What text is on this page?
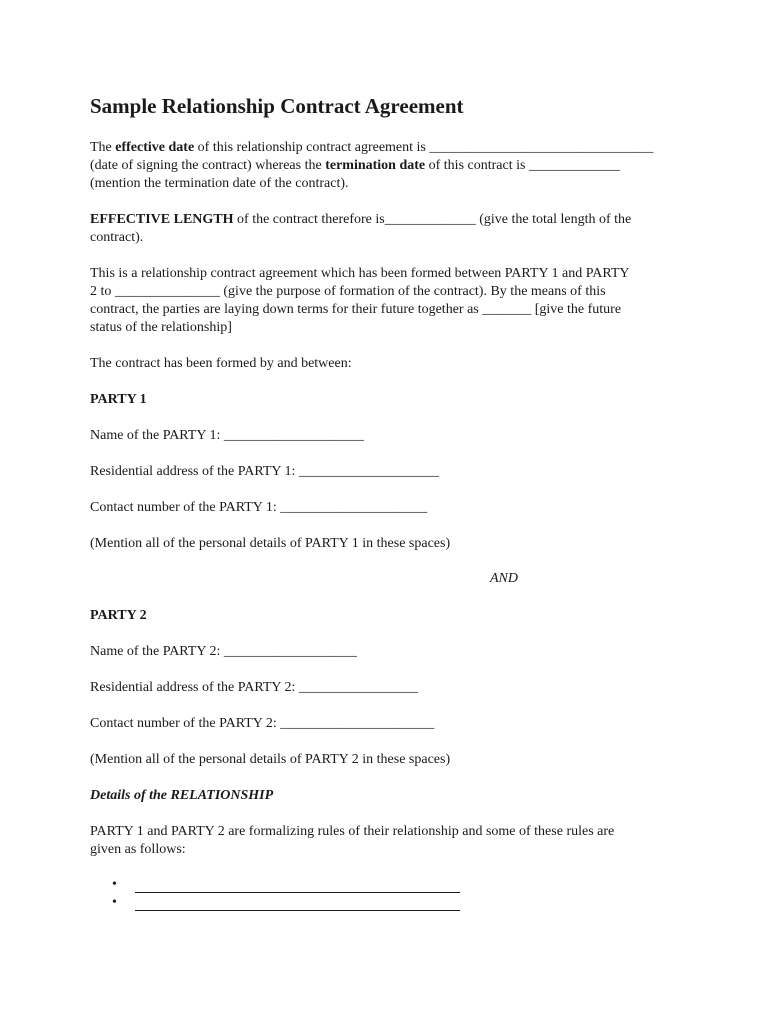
Sample Relationship Contract Agreement
The effective date of this relationship contract agreement is ________________________________
(date of signing the contract) whereas the termination date of this contract is _____________
(mention the termination date of the contract).
EFFECTIVE LENGTH of the contract therefore is_____________ (give the total length of the
contract).
This is a relationship contract agreement which has been formed between PARTY 1 and PARTY
2 to _______________ (give the purpose of formation of the contract). By the means of this
contract, the parties are laying down terms for their future together as _______ [give the future
status of the relationship]
The contract has been formed by and between:
PARTY 1
Name of the PARTY 1: ____________________
Residential address of the PARTY 1: ____________________
Contact number of the PARTY 1: _____________________
(Mention all of the personal details of PARTY 1 in these spaces)
AND
PARTY 2
Name of the PARTY 2: ___________________
Residential address of the PARTY 2: _________________
Contact number of the PARTY 2: ______________________
(Mention all of the personal details of PARTY 2 in these spaces)
Details of the RELATIONSHIP
PARTY 1 and PARTY 2 are formalizing rules of their relationship and some of these rules are
given as follows:
•
•
